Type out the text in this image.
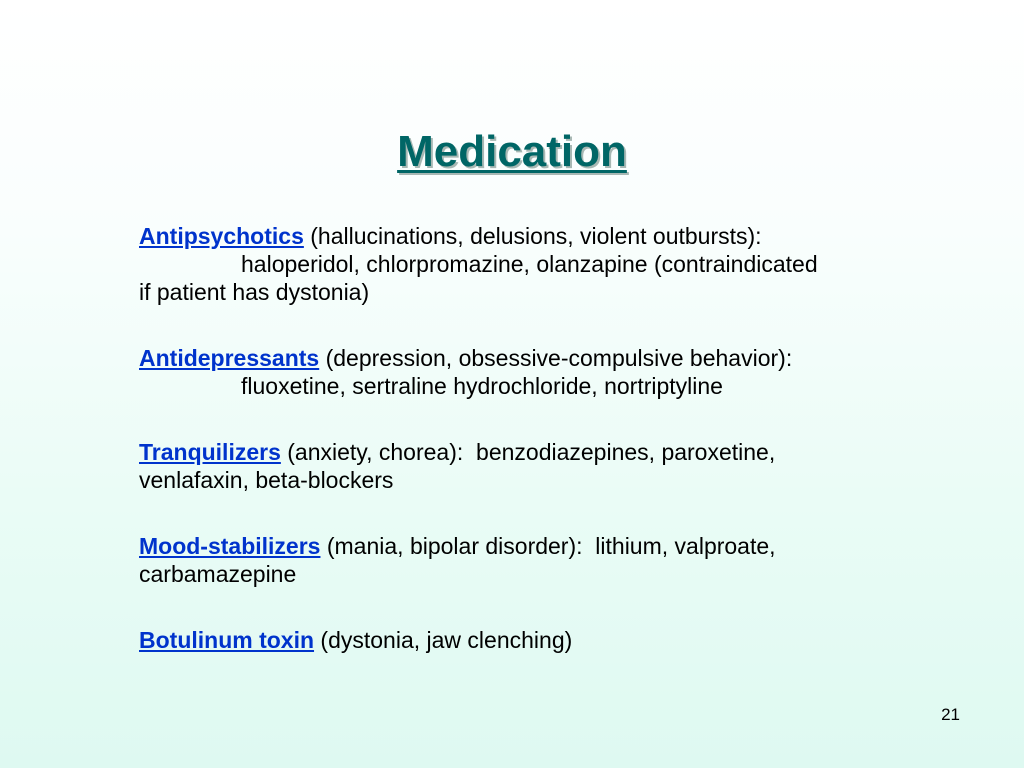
Medication
Antipsychotics (hallucinations, delusions, violent outbursts):
haloperidol, chlorpromazine, olanzapine (contraindicated
if patient has dystonia)
Antidepressants (depression, obsessive-compulsive behavior):
fluoxetine, sertraline hydrochloride, nortriptyline
Tranquilizers (anxiety, chorea):  benzodiazepines, paroxetine,
venlafaxin, beta-blockers
Mood-stabilizers (mania, bipolar disorder):  lithium, valproate,
carbamazepine
Botulinum toxin (dystonia, jaw clenching)
21
